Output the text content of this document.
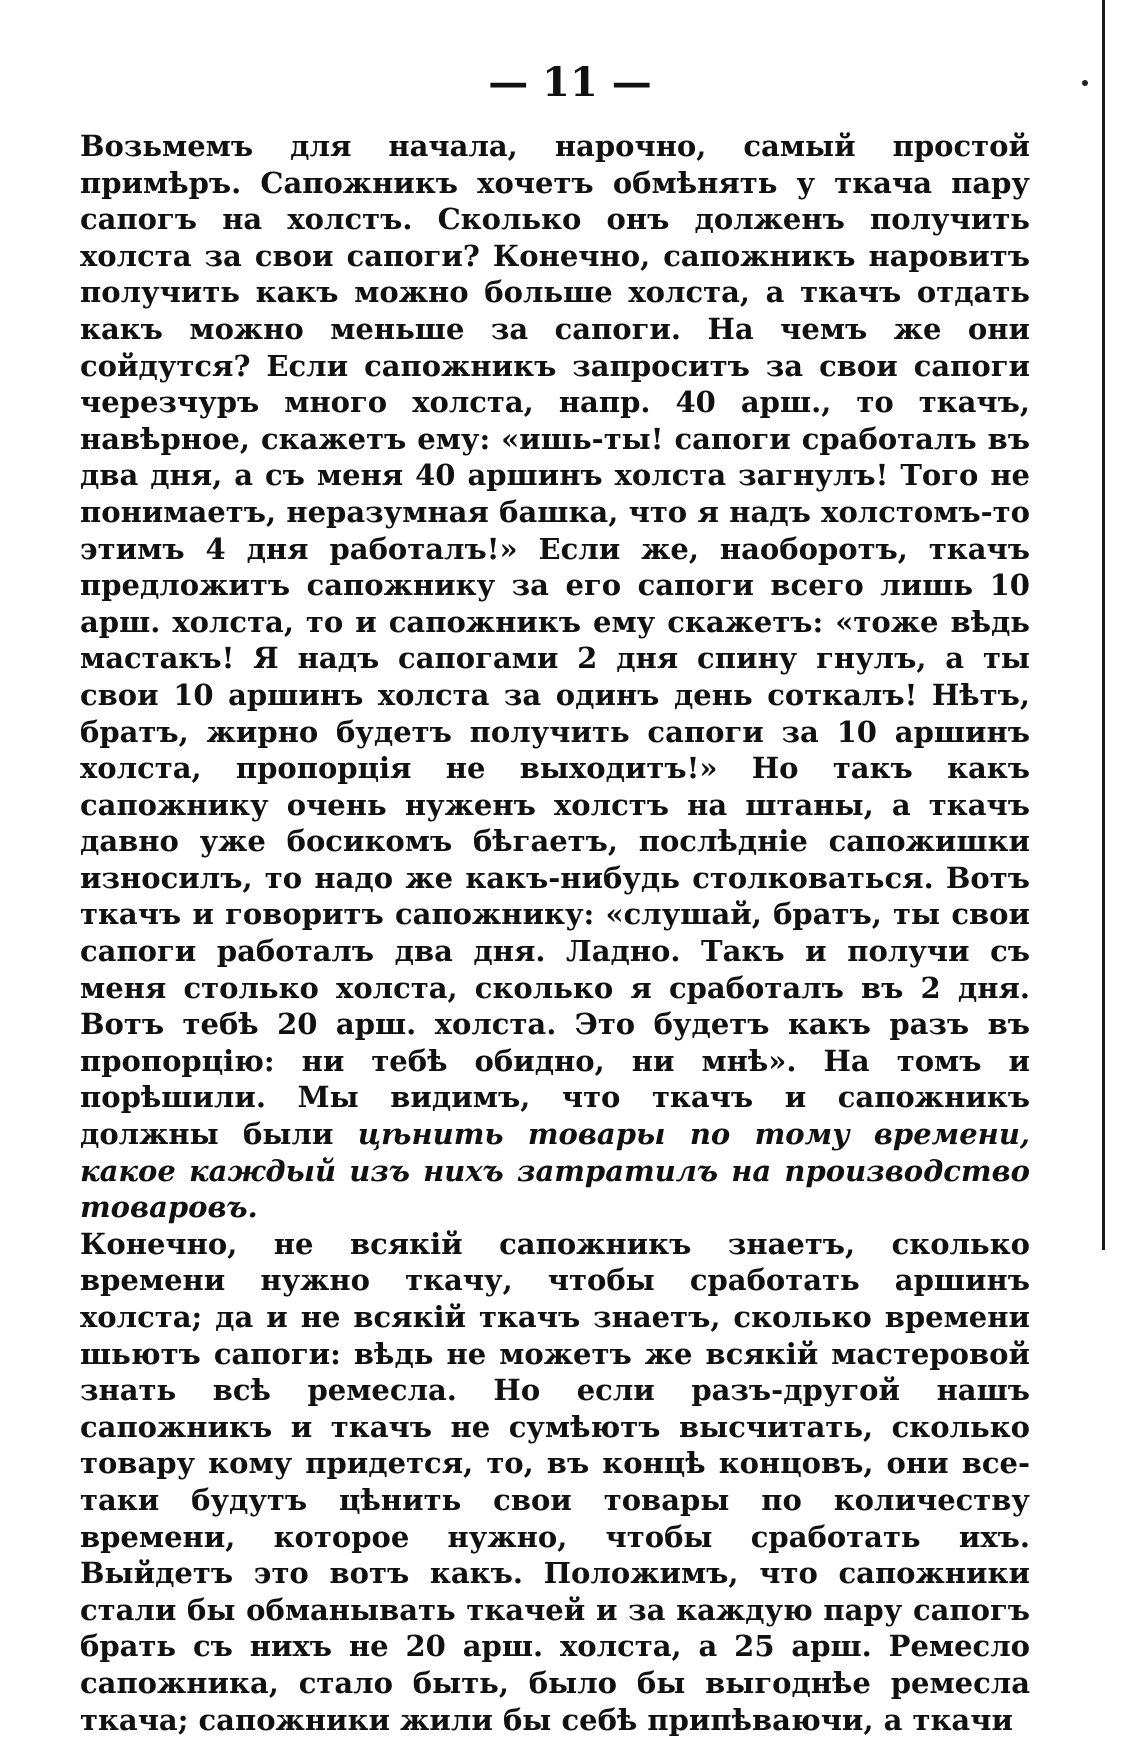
— 11 —

Возьмемъ для начала, нарочно, самый простой примѣръ. Сапожникъ хочетъ обмѣнять у ткача пару сапогъ на холстъ. Сколько онъ долженъ получить холста за свои сапоги? Конечно, сапожникъ наровитъ получить какъ можно больше холста, а ткачъ отдать какъ можно меньше за сапоги. На чемъ же они сойдутся? Если сапожникъ запроситъ за свои сапоги черезчуръ много холста, напр. 40 арш., то ткачъ, навѣрное, скажетъ ему: «ишь-ты! сапоги сработалъ въ два дня, а съ меня 40 аршинъ холста загнулъ! Того не понимаетъ, неразумная башка, что я надъ холстомъ-то этимъ 4 дня работалъ!» Если же, наоборотъ, ткачъ предложитъ сапожнику за его сапоги всего лишь 10 арш. холста, то и сапожникъ ему скажетъ: «тоже вѣдь мастакъ! Я надъ сапогами 2 дня спину гнулъ, а ты свои 10 аршинъ холста за одинъ день соткалъ! Нѣтъ, братъ, жирно будетъ получить сапоги за 10 аршинъ холста, пропорція не выходитъ!» Но такъ какъ сапожнику очень нуженъ холстъ на штаны, а ткачъ давно уже босикомъ бѣгаетъ, послѣдніе сапожишки износилъ, то надо же какъ-нибудь столковаться. Вотъ ткачъ и говоритъ сапожнику: «слушай, братъ, ты свои сапоги работалъ два дня. Ладно. Такъ и получи съ меня столько холста, сколько я сработалъ въ 2 дня. Вотъ тебѣ 20 арш. холста. Это будетъ какъ разъ въ пропорцію: ни тебѣ обидно, ни мнѣ». На томъ и порѣшили. Мы видимъ, что ткачъ и сапожникъ должны были цѣнить товары по тому времени, какое каждый изъ нихъ затратилъ на производство товаровъ.

Конечно, не всякій сапожникъ знаетъ, сколько времени нужно ткачу, чтобы сработать аршинъ холста; да и не всякій ткачъ знаетъ, сколько времени шьютъ сапоги: вѣдь не можетъ же всякій мастеровой знать всѣ ремесла. Но если разъ-другой нашъ сапожникъ и ткачъ не сумѣютъ высчитать, сколько товару кому придется, то, въ концѣ концовъ, они все-таки будутъ цѣнить свои товары по количеству времени, которое нужно, чтобы сработать ихъ. Выйдетъ это вотъ какъ. Положимъ, что сапожники стали бы обманывать ткачей и за каждую пару сапогъ брать съ нихъ не 20 арш. холста, а 25 арш. Ремесло сапожника, стало быть, было бы выгоднѣе ремесла ткача; сапожники жили бы себѣ припѣваючи, а ткачи
